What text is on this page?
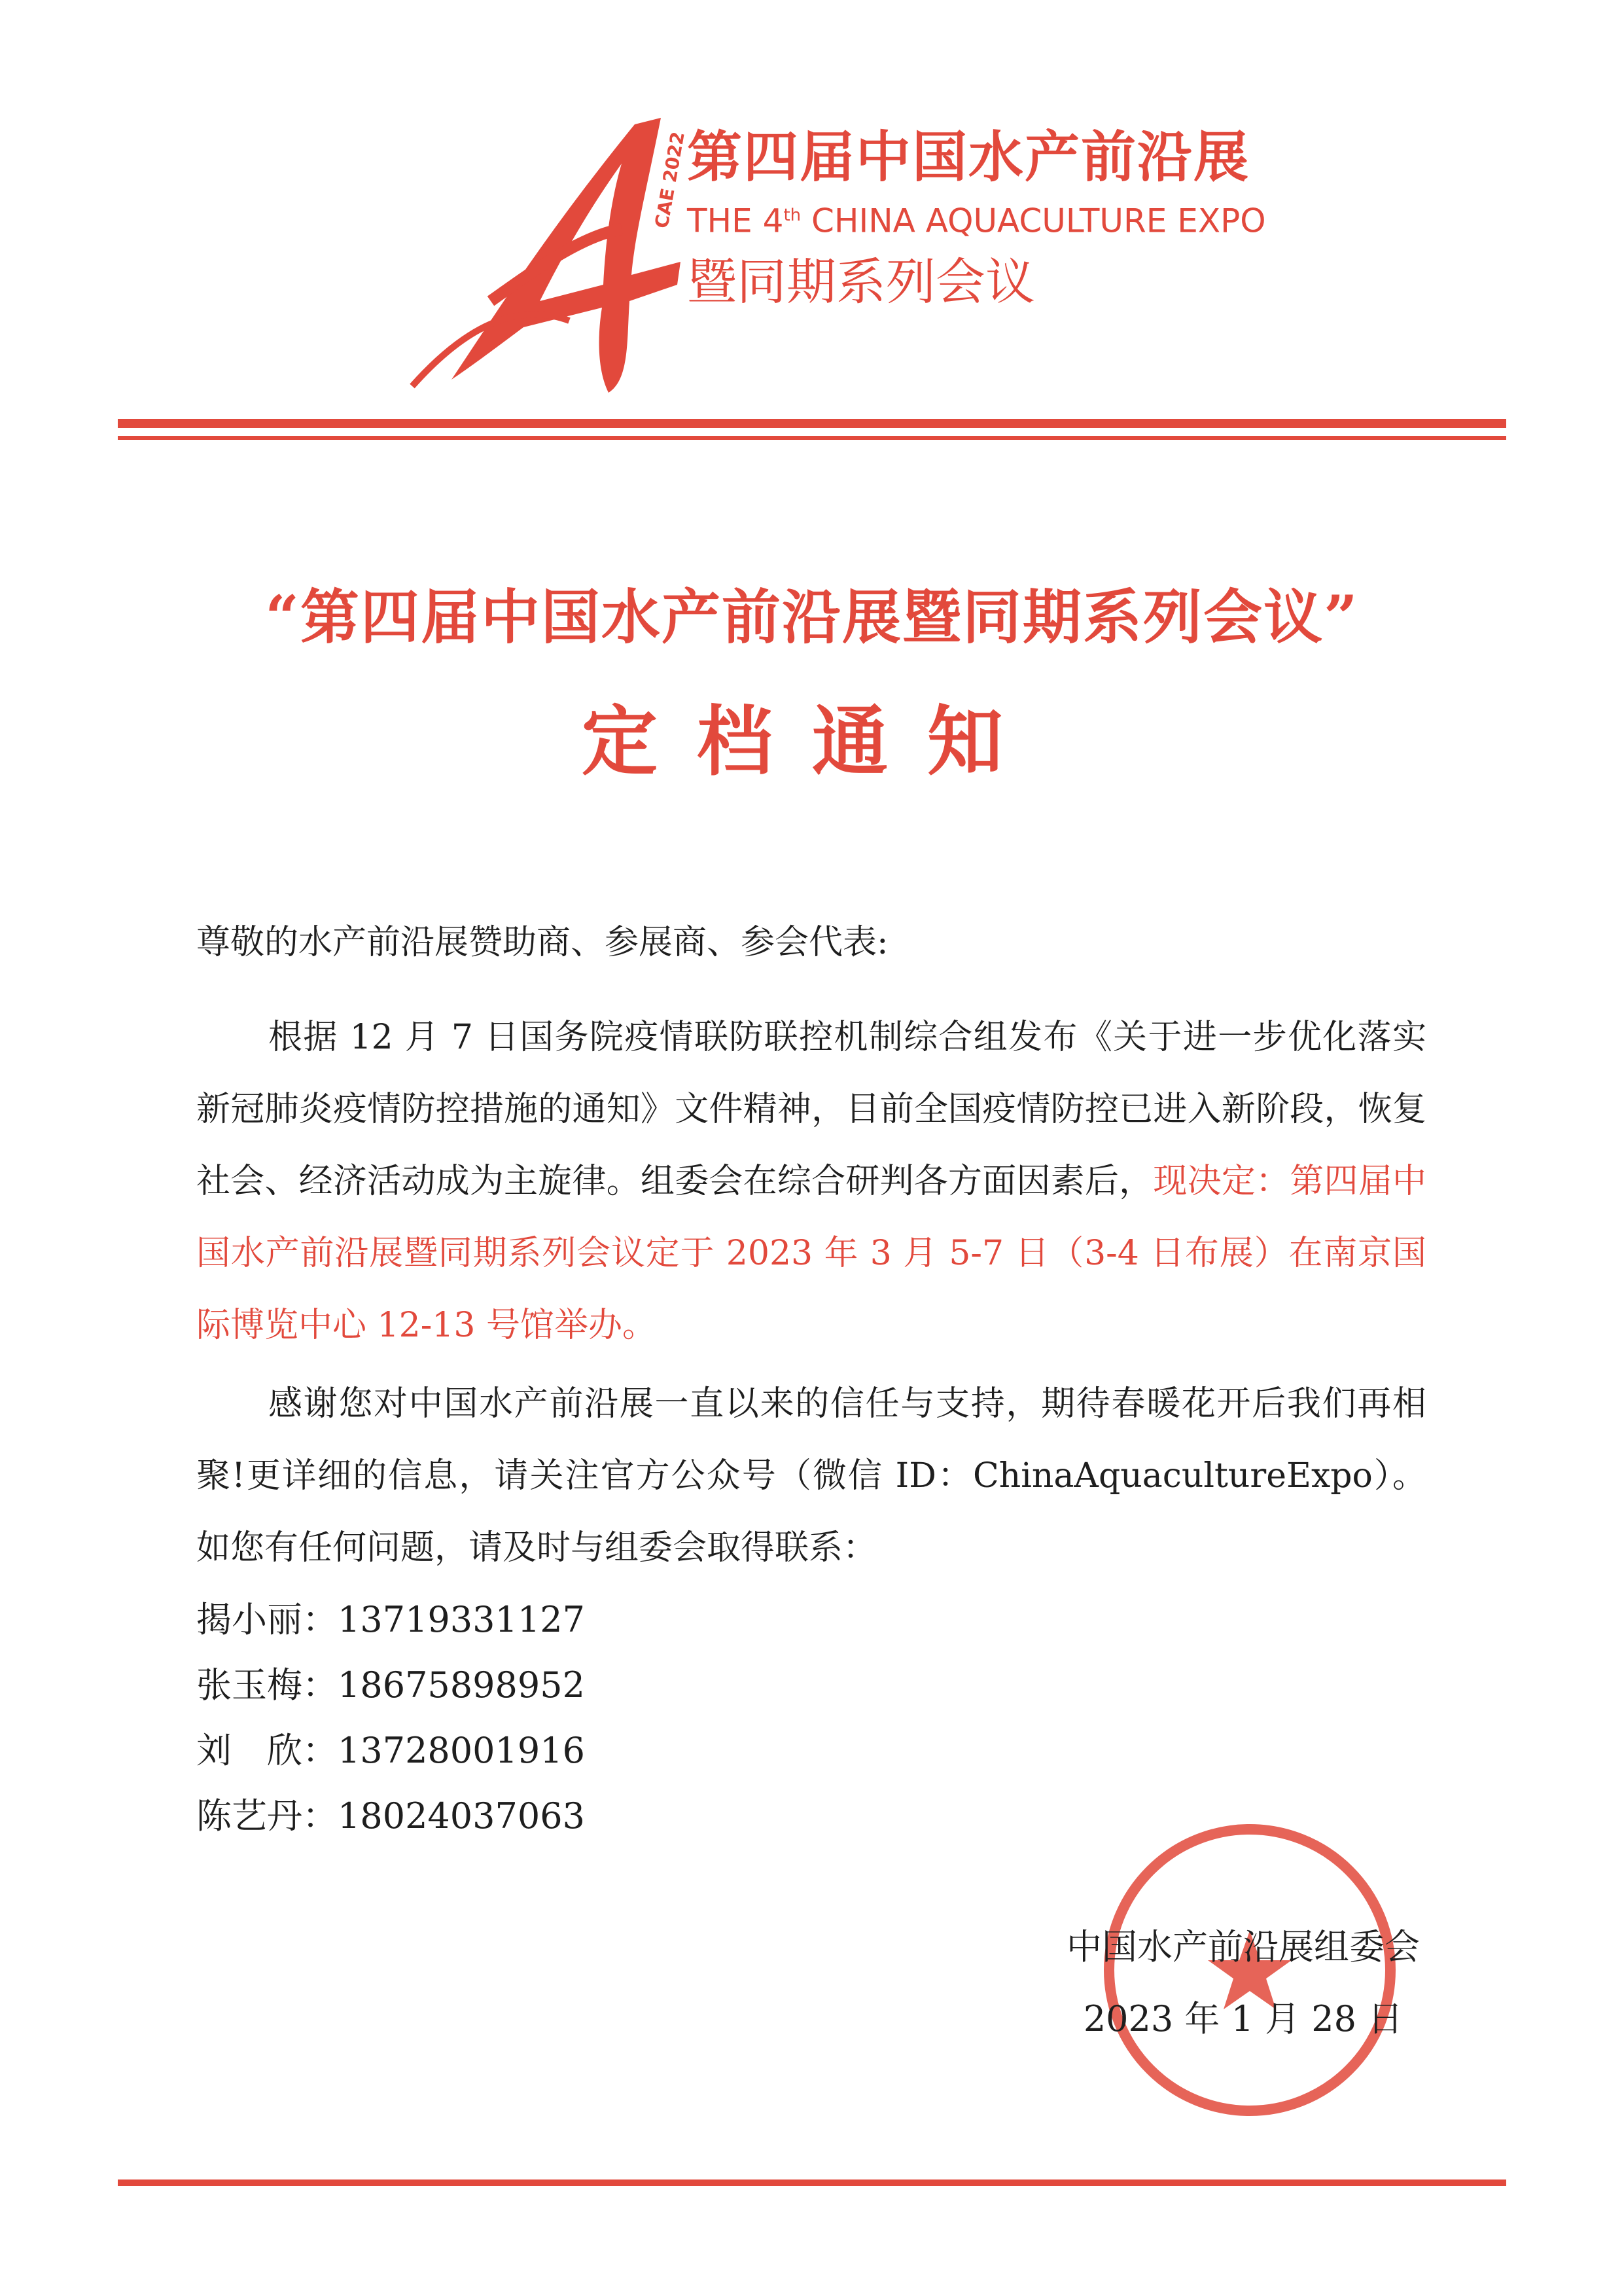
CAE 2022
第四届中国水产前沿展
THE 4th CHINA AQUACULTURE EXPO
暨同期系列会议
“第四届中国水产前沿展暨同期系列会议”
定档通知

尊敬的水产前沿展赞助商、参展商、参会代表:

根据 12 月 7 日国务院疫情联防联控机制综合组发布《关于进一步优化落实新冠肺炎疫情防控措施的通知》文件精神，目前全国疫情防控已进入新阶段，恢复社会、经济活动成为主旋律。组委会在综合研判各方面因素后，现决定：第四届中国水产前沿展暨同期系列会议定于 2023 年 3 月 5-7 日（3-4 日布展）在南京国际博览中心 12-13 号馆举办。

感谢您对中国水产前沿展一直以来的信任与支持，期待春暖花开后我们再相聚!更详细的信息，请关注官方公众号（微信 ID：ChinaAquacultureExpo）。如您有任何问题，请及时与组委会取得联系：

揭小丽：13719331127
张玉梅：18675898952
刘　欣：13728001916
陈艺丹：18024037063
中国水产前沿展组委会
2023 年 1 月 28 日
